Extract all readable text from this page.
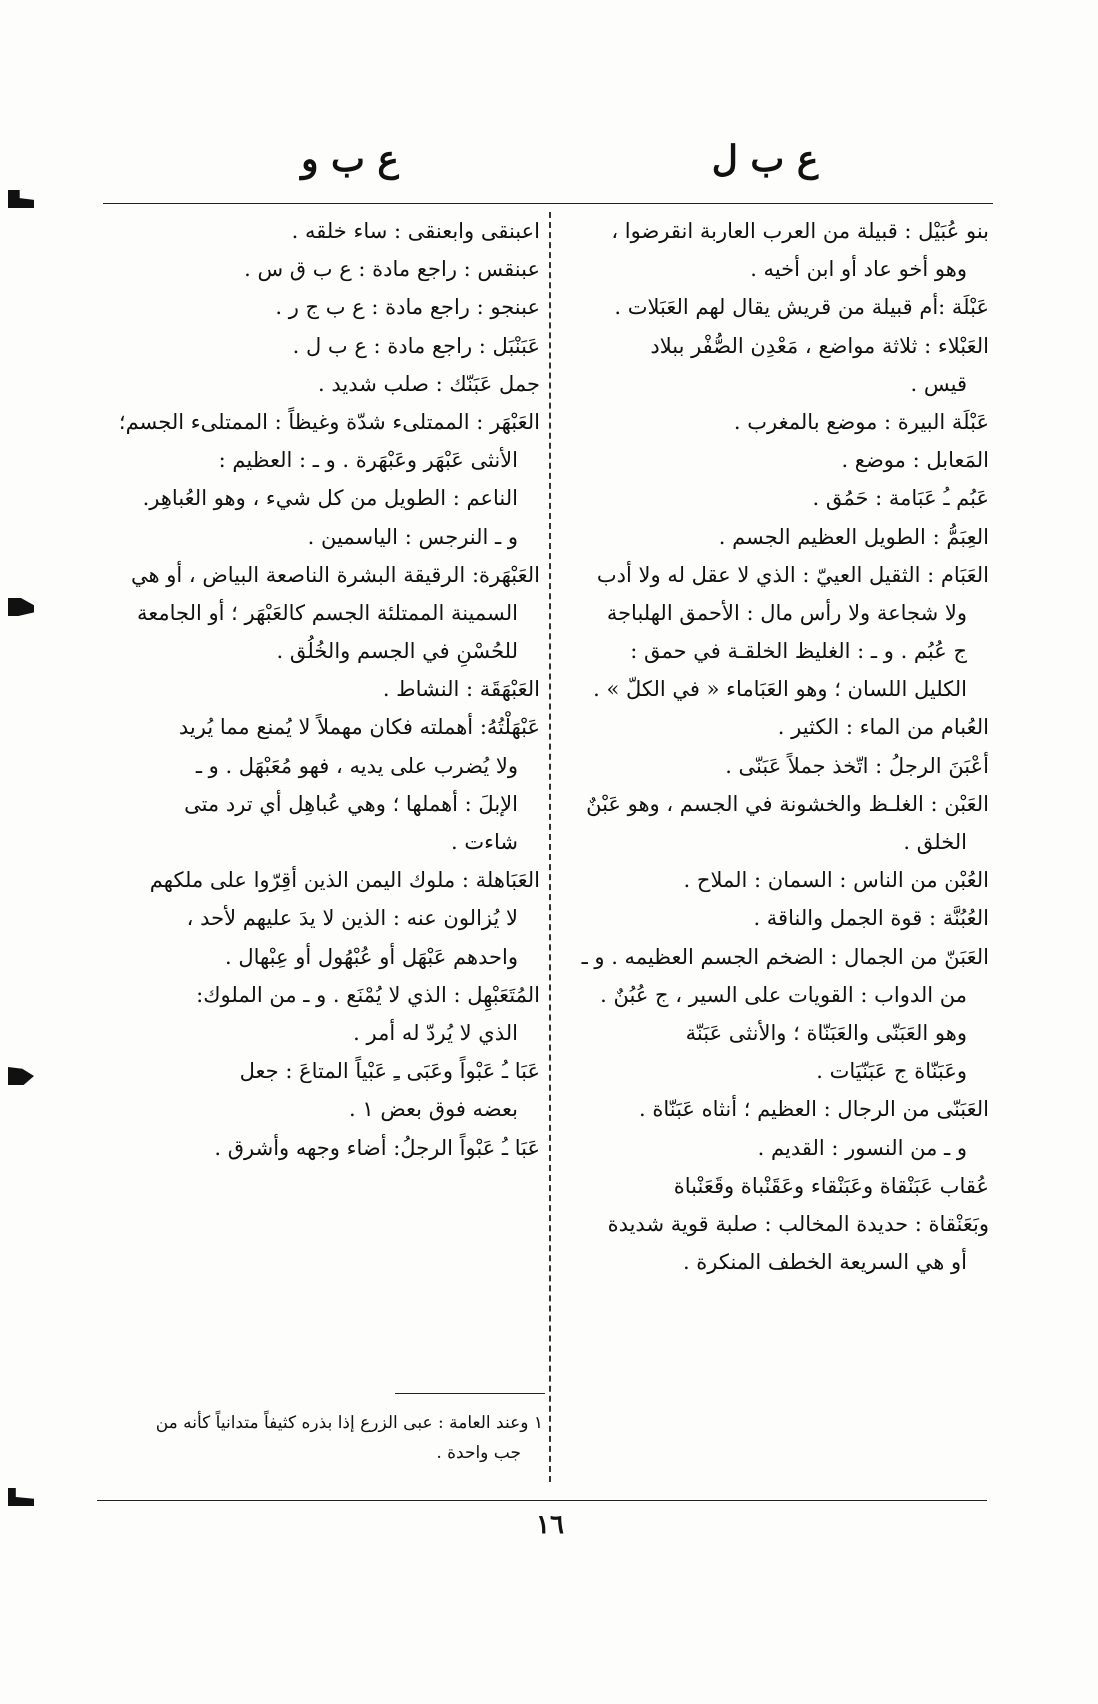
ع ب ل
ع ب و
بنو عُبَيْل : قبيلة من العرب العاربة انقرضوا ،
وهو أخو عاد أو ابن أخيه .
عَبْلَة :أم قبيلة من قريش يقال لهم العَبَلات .
العَبْلاء : ثلاثة مواضع ، مَعْدِن الصُّفْر ببلاد
قيس .
عَبْلَة البيرة : موضع بالمغرب .
المَعابل : موضع .
عَبُم ـُ عَبَامة : حَمُق .
العِبَمُّ : الطويل العظيم الجسم .
العَبَام : الثقيل العييّ : الذي لا عقل له ولا أدب
ولا شجاعة ولا رأس مال : الأحمق الهلباجة
ج عُبُم . و ـ : الغليظ الخلقـة في حمق :
الكليل اللسان ؛ وهو العَبَاماء « في الكلّ » .
العُبام من الماء : الكثير .
أعْبَنَ الرجلُ : اتّخذ جملاً عَبَنّى .
العَبْن : الغلـظ والخشونة في الجسم ، وهو عَبْنٌ
الخلق .
العُبْن من الناس : السمان : الملاح .
العُبُنَّة : قوة الجمل والناقة .
العَبَنّ من الجمال : الضخم الجسم العظيمه . و ـ
من الدواب : القويات على السير ، ج عُبُنٌ .
وهو العَبَنّى والعَبَنّاة ؛ والأنثى عَبَنّة
وعَبَنّاة ج عَبَنّيَات .
العَبَنّى من الرجال : العظيم ؛ أنثاه عَبَنّاة .
و ـ من النسور : القديم .
عُقاب عَبَنْقاة وعَبَنْقاء وعَقَنْباة وقَعَنْباة
وبَعَنْقاة : حديدة المخالب : صلبة قوية شديدة
أو هي السريعة الخطف المنكرة .
اعبنقى وابعنقى : ساء خلقه .
عبنقس : راجع مادة : ع ب ق س .
عبنجو : راجع مادة : ع ب ج ر .
عَبَنْبَل : راجع مادة : ع ب ل .
جمل عَبَنّك : صلب شديد .
العَبْهَر : الممتلىء شدّة وغيظاً : الممتلىء الجسم؛
الأنثى عَبْهَر وعَبْهَرة . و ـ : العظيم :
الناعم : الطويل من كل شيء ، وهو العُباهِر.
و ـ النرجس : الياسمين .
العَبْهَرة: الرقيقة البشرة الناصعة البياض ، أو هي
السمينة الممتلئة الجسم كالعَبْهَر ؛ أو الجامعة
للحُسْنِ في الجسم والخُلُق .
العَبْهَقَة : النشاط .
عَبْهَلْتُهُ: أهملته فكان مهملاً لا يُمنع مما يُريد
ولا يُضرب على يديه ، فهو مُعَبْهَل . و ـ
الإبلَ : أهملها ؛ وهي عُباهِل أي ترد متى
شاءت .
العَبَاهلة : ملوك اليمن الذين أقِرّوا على ملكهم
لا يُزالون عنه : الذين لا يدَ عليهم لأحد ،
واحدهم عَبْهَل أو عُبْهُول أو عِبْهال .
المُتَعَبْهِل : الذي لا يُمْنَع . و ـ من الملوك:
الذي لا يُردّ له أمر .
عَبَا ـُ عَبْواً وعَبَى ـِ عَبْياً المتاعَ : جعل
بعضه فوق بعض ١ .
عَبَا ـُ عَبْواً الرجلُ: أضاء وجهه وأشرق .
١ وعند العامة : عبى الزرع إذا بذره كثيفاً متدانياً كأنه من
جب واحدة .
١٦
